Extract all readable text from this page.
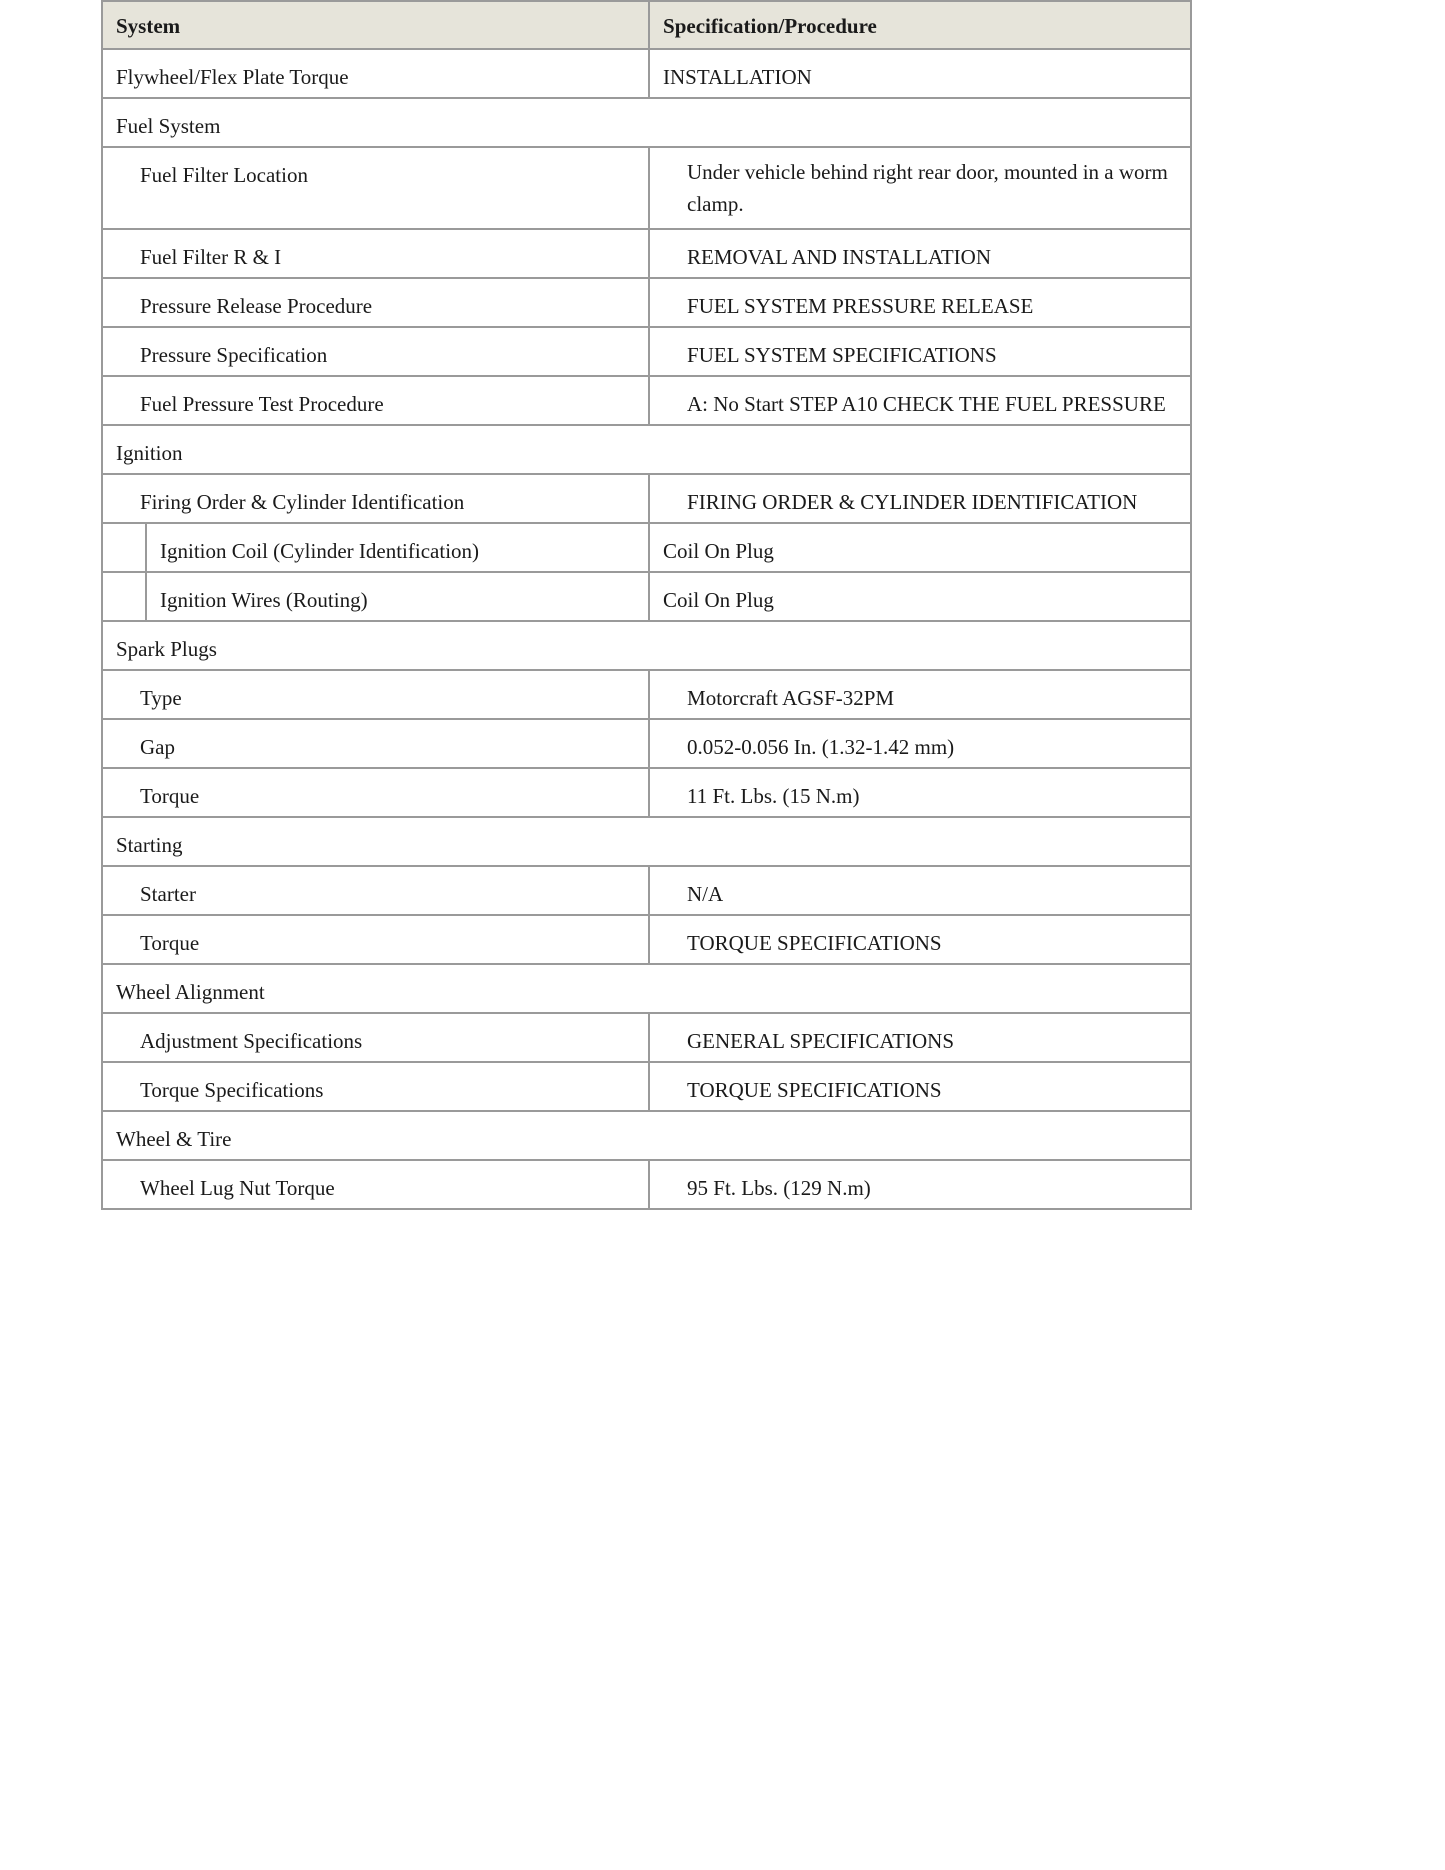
System		Specification/Procedure
Flywheel/Flex Plate Torque		INSTALLATION
Fuel System		
Fuel Filter Location		Under vehicle behind right rear door, mounted in a worm clamp.
Fuel Filter R & I		REMOVAL AND INSTALLATION
Pressure Release Procedure		FUEL SYSTEM PRESSURE RELEASE
Pressure Specification		FUEL SYSTEM SPECIFICATIONS
Fuel Pressure Test Procedure		A: No Start STEP A10 CHECK THE FUEL PRESSURE
Ignition		
Firing Order & Cylinder Identification		FIRING ORDER & CYLINDER IDENTIFICATION
	Ignition Coil (Cylinder Identification)	Coil On Plug
	Ignition Wires (Routing)	Coil On Plug
Spark Plugs		
Type		Motorcraft AGSF-32PM
Gap		0.052-0.056 In. (1.32-1.42 mm)
Torque		11 Ft. Lbs. (15 N.m)
Starting		
Starter		N/A
Torque		TORQUE SPECIFICATIONS
Wheel Alignment		
Adjustment Specifications		GENERAL SPECIFICATIONS
Torque Specifications		TORQUE SPECIFICATIONS
Wheel & Tire		
Wheel Lug Nut Torque		95 Ft. Lbs. (129 N.m)
